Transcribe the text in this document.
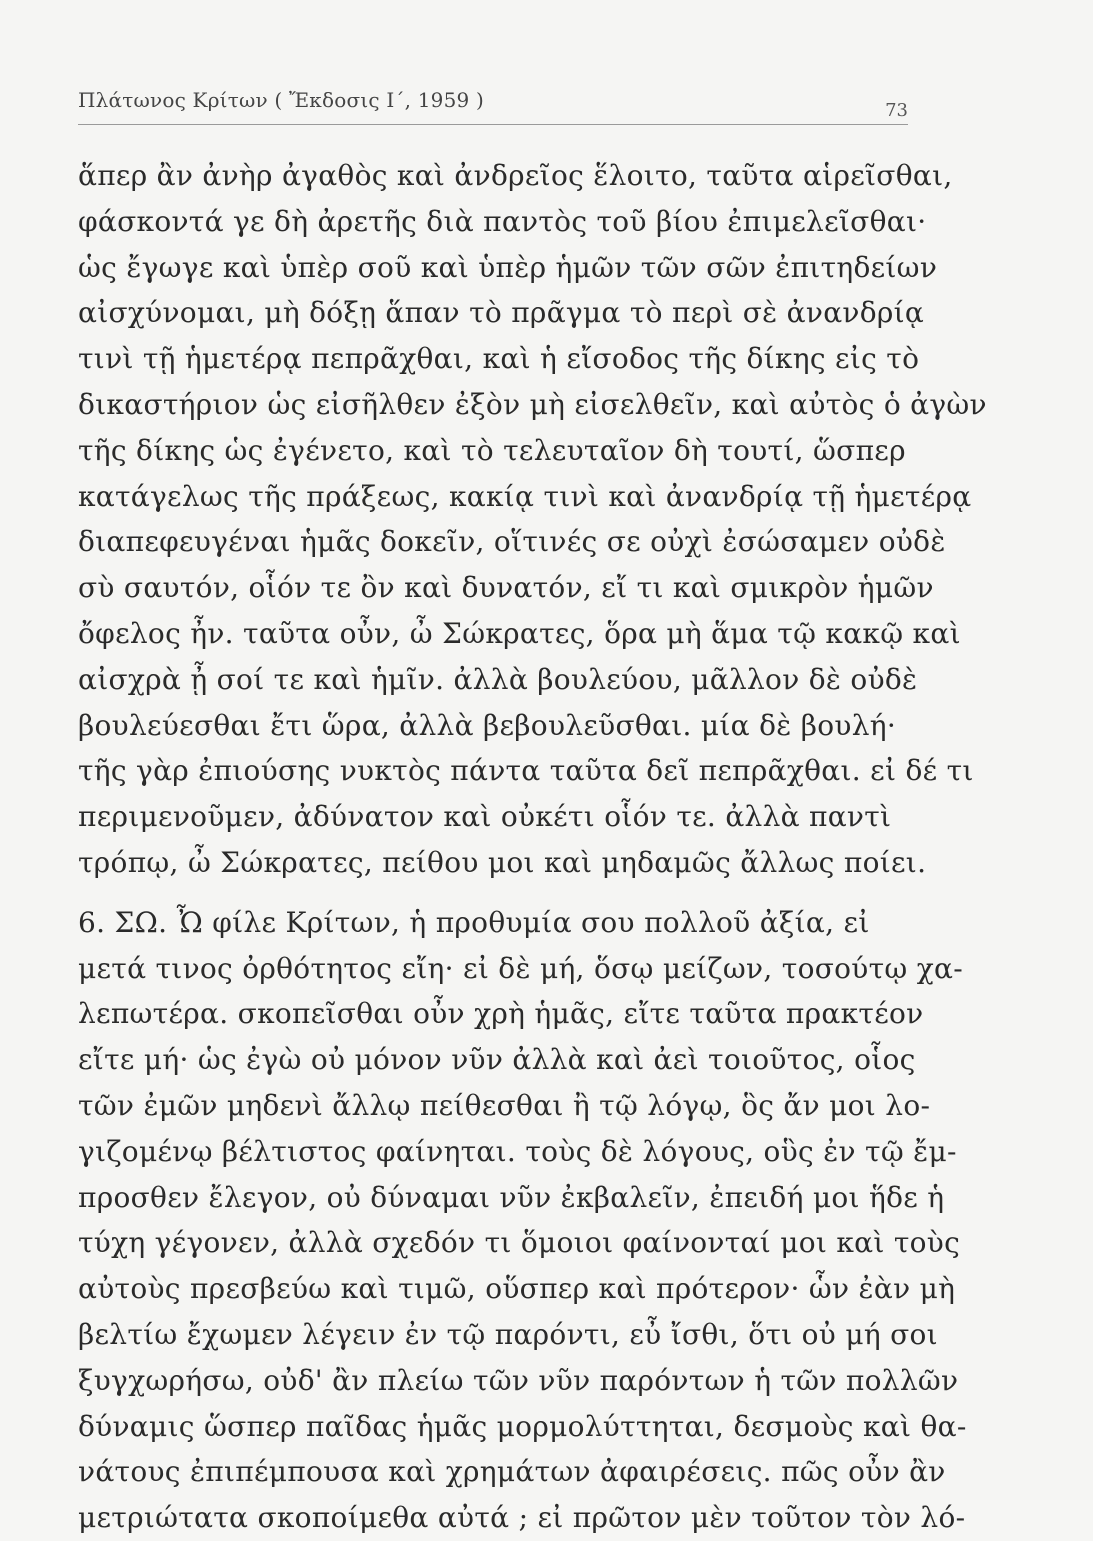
Πλάτωνος Κρίτων ( Ἔκδοσις Ι΄, 1959 )	73
ἅπερ ἂν ἀνὴρ ἀγαθὸς καὶ ἀνδρεῖος ἕλοιτο, ταῦτα αἱρεῖσθαι,
φάσκοντά γε δὴ ἀρετῆς διὰ παντὸς τοῦ βίου ἐπιμελεῖσθαι·
ὡς ἔγωγε καὶ ὑπὲρ σοῦ καὶ ὑπὲρ ἡμῶν τῶν σῶν ἐπιτηδείων
αἰσχύνομαι, μὴ δόξῃ ἅπαν τὸ πρᾶγμα τὸ περὶ σὲ ἀνανδρίᾳ
τινὶ τῇ ἡμετέρᾳ πεπρᾶχθαι, καὶ ἡ εἴσοδος τῆς δίκης εἰς τὸ
δικαστήριον ὡς εἰσῆλθεν ἐξὸν μὴ εἰσελθεῖν, καὶ αὐτὸς ὁ ἀγὼν
τῆς δίκης ὡς ἐγένετο, καὶ τὸ τελευταῖον δὴ τουτί, ὥσπερ
κατάγελως τῆς πράξεως, κακίᾳ τινὶ καὶ ἀνανδρίᾳ τῇ ἡμετέρᾳ
διαπεφευγέναι ἡμᾶς δοκεῖν, οἵτινές σε οὐχὶ ἐσώσαμεν οὐδὲ
σὺ σαυτόν, οἷόν τε ὂν καὶ δυνατόν, εἴ τι καὶ σμικρὸν ἡμῶν
ὄφελος ἦν. ταῦτα οὖν, ὦ Σώκρατες, ὅρα μὴ ἅμα τῷ κακῷ καὶ
αἰσχρὰ ᾖ σοί τε καὶ ἡμῖν. ἀλλὰ βουλεύου, μᾶλλον δὲ οὐδὲ
βουλεύεσθαι ἔτι ὥρα, ἀλλὰ βεβουλεῦσθαι. μία δὲ βουλή·
τῆς γὰρ ἐπιούσης νυκτὸς πάντα ταῦτα δεῖ πεπρᾶχθαι. εἰ δέ τι
περιμενοῦμεν, ἀδύνατον καὶ οὐκέτι οἷόν τε. ἀλλὰ παντὶ
τρόπῳ, ὦ Σώκρατες, πείθου μοι καὶ μηδαμῶς ἄλλως ποίει.
6. ΣΩ. Ὦ φίλε Κρίτων, ἡ προθυμία σου πολλοῦ ἀξία, εἰ
μετά τινος ὀρθότητος εἴη· εἰ δὲ μή, ὅσῳ μείζων, τοσούτῳ χα-
λεπωτέρα. σκοπεῖσθαι οὖν χρὴ ἡμᾶς, εἴτε ταῦτα πρακτέον
εἴτε μή· ὡς ἐγὼ οὐ μόνον νῦν ἀλλὰ καὶ ἀεὶ τοιοῦτος, οἷος
τῶν ἐμῶν μηδενὶ ἄλλῳ πείθεσθαι ἢ τῷ λόγῳ, ὃς ἄν μοι λο-
γιζομένῳ βέλτιστος φαίνηται. τοὺς δὲ λόγους, οὓς ἐν τῷ ἔμ-
προσθεν ἔλεγον, οὐ δύναμαι νῦν ἐκβαλεῖν, ἐπειδή μοι ἥδε ἡ
τύχη γέγονεν, ἀλλὰ σχεδόν τι ὅμοιοι φαίνονταί μοι καὶ τοὺς
αὐτοὺς πρεσβεύω καὶ τιμῶ, οὕσπερ καὶ πρότερον· ὧν ἐὰν μὴ
βελτίω ἔχωμεν λέγειν ἐν τῷ παρόντι, εὖ ἴσθι, ὅτι οὐ μή σοι
ξυγχωρήσω, οὐδ' ἂν πλείω τῶν νῦν παρόντων ἡ τῶν πολλῶν
δύναμις ὥσπερ παῖδας ἡμᾶς μορμολύττηται, δεσμοὺς καὶ θα-
νάτους ἐπιπέμπουσα καὶ χρημάτων ἀφαιρέσεις. πῶς οὖν ἂν
μετριώτατα σκοποίμεθα αὐτά ; εἰ πρῶτον μὲν τοῦτον τὸν λό-
